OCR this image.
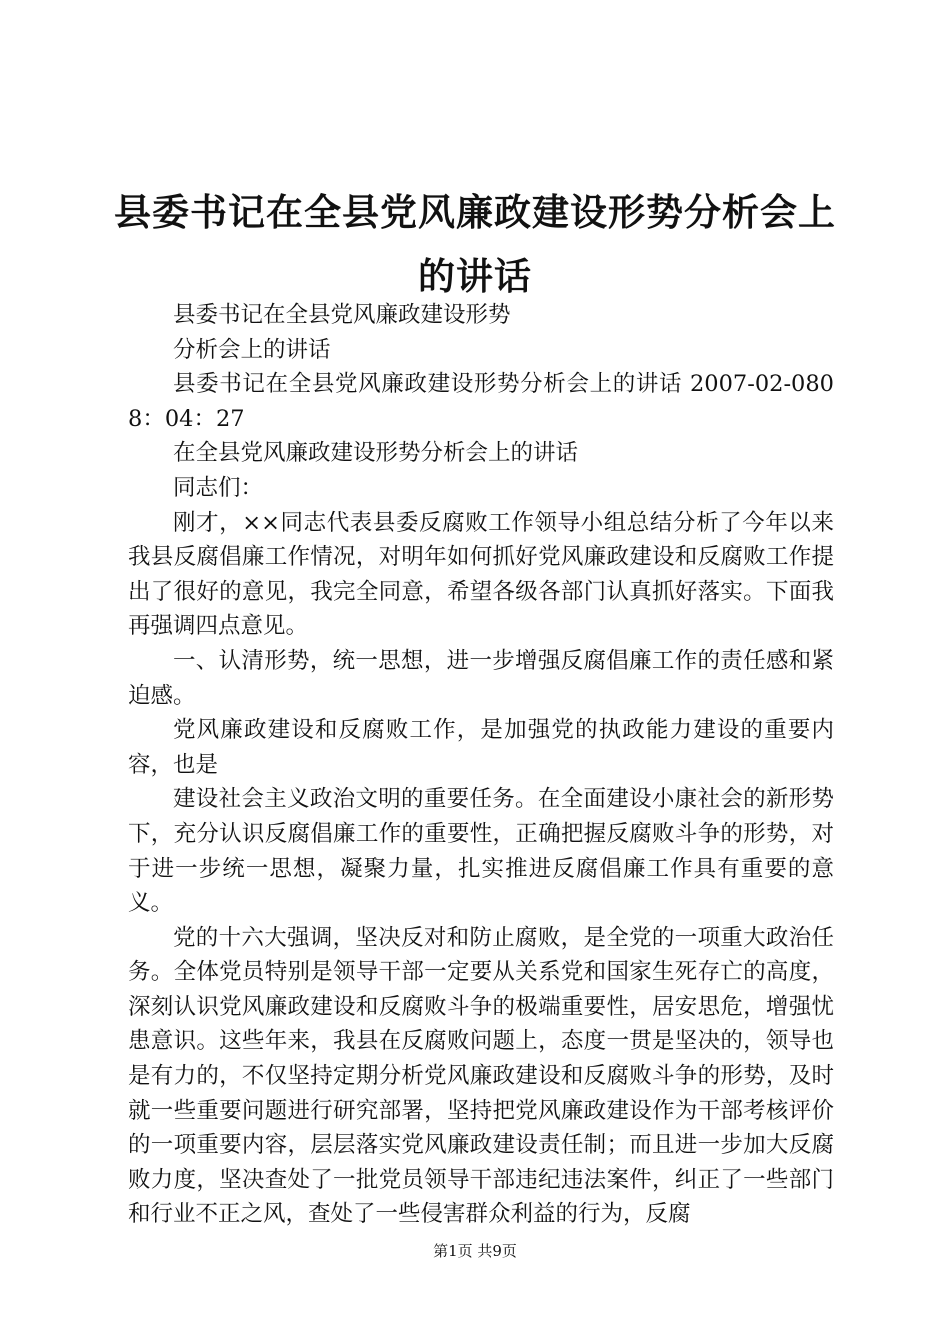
县委书记在全县党风廉政建设形势分析会上的讲话

县委书记在全县党风廉政建设形势

分析会上的讲话

县委书记在全县党风廉政建设形势分析会上的讲话 2007-02-0808：04：27

在全县党风廉政建设形势分析会上的讲话

同志们：

刚才，××同志代表县委反腐败工作领导小组总结分析了今年以来我县反腐倡廉工作情况，对明年如何抓好党风廉政建设和反腐败工作提出了很好的意见，我完全同意，希望各级各部门认真抓好落实。下面我再强调四点意见。

一、认清形势，统一思想，进一步增强反腐倡廉工作的责任感和紧迫感。

党风廉政建设和反腐败工作，是加强党的执政能力建设的重要内容，也是

建设社会主义政治文明的重要任务。在全面建设小康社会的新形势下，充分认识反腐倡廉工作的重要性，正确把握反腐败斗争的形势，对于进一步统一思想，凝聚力量，扎实推进反腐倡廉工作具有重要的意义。

党的十六大强调，坚决反对和防止腐败，是全党的一项重大政治任务。全体党员特别是领导干部一定要从关系党和国家生死存亡的高度，深刻认识党风廉政建设和反腐败斗争的极端重要性，居安思危，增强忧患意识。这些年来，我县在反腐败问题上，态度一贯是坚决的，领导也是有力的，不仅坚持定期分析党风廉政建设和反腐败斗争的形势，及时就一些重要问题进行研究部署，坚持把党风廉政建设作为干部考核评价的一项重要内容，层层落实党风廉政建设责任制；而且进一步加大反腐败力度，坚决查处了一批党员领导干部违纪违法案件，纠正了一些部门和行业不正之风，查处了一些侵害群众利益的行为，反腐

第1页 共9页
